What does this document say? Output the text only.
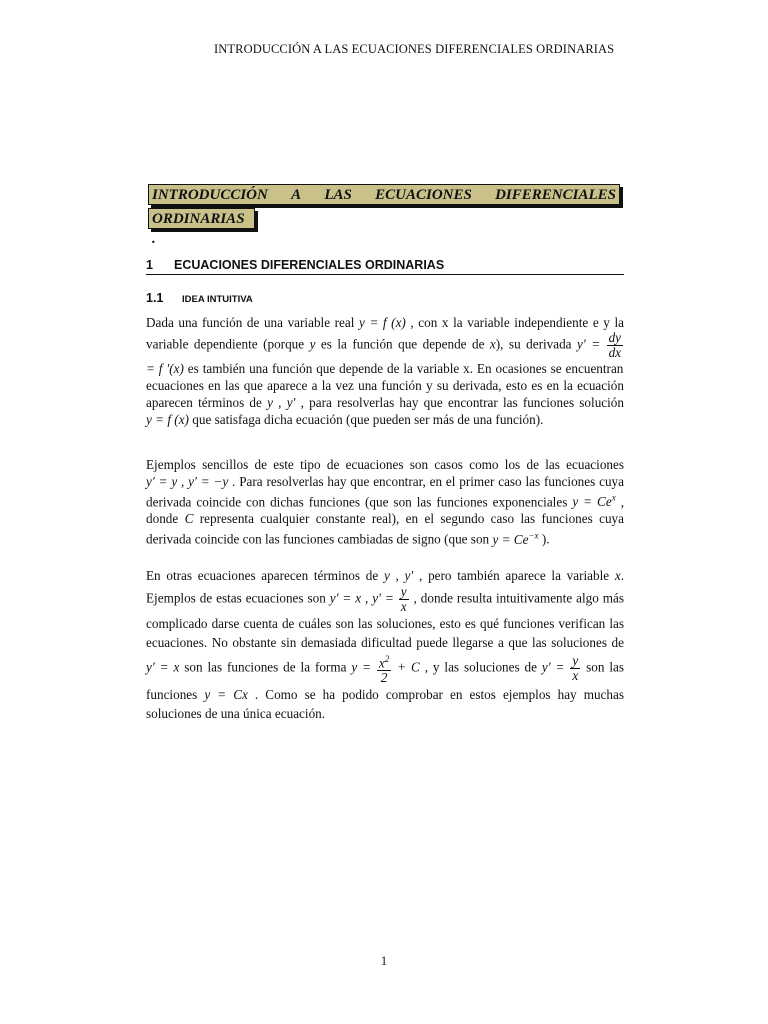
INTRODUCCIÓN A LAS ECUACIONES DIFERENCIALES ORDINARIAS
INTRODUCCIÓN A LAS ECUACIONES DIFERENCIALES
ORDINARIAS .
1 ECUACIONES DIFERENCIALES ORDINARIAS
1.1 IDEA INTUITIVA
Dada una función de una variable real y = f (x) , con x la variable independiente e y la variable dependiente (porque y es la función que depende de x), su derivada $y' = \frac{dy}{dx}$
= f ′(x) es también una función que depende de la variable x. En ocasiones se encuentran ecuaciones en las que aparece a la vez una función y su derivada, esto es en la ecuación aparecen términos de y , y′ , para resolverlas hay que encontrar las funciones solución y = f (x) que satisfaga dicha ecuación (que pueden ser más de una función).
Ejemplos sencillos de este tipo de ecuaciones son casos como los de las ecuaciones y′ = y , y′ = −y . Para resolverlas hay que encontrar, en el primer caso las funciones cuya derivada coincide con dichas funciones (que son las funciones exponenciales $y = Ce^x$ , donde C representa cualquier constante real), en el segundo caso las funciones cuya derivada coincide con las funciones cambiadas de signo (que son $y = Ce^{-x}$ ).
En otras ecuaciones aparecen términos de y , y′ , pero también aparece la variable x. Ejemplos de estas ecuaciones son y′ = x , $y' = \frac{y}{x}$ , donde resulta intuitivamente algo más complicado darse cuenta de cuáles son las soluciones, esto es qué funciones verifican las ecuaciones. No obstante sin demasiada dificultad puede llegarse a que las soluciones de y′ = x son las funciones de la forma $y = \frac{x^2}{2} + C$ , y las soluciones de $y' = \frac{y}{x}$ son las funciones y = Cx . Como se ha podido comprobar en estos ejemplos hay muchas soluciones de una única ecuación.
1
